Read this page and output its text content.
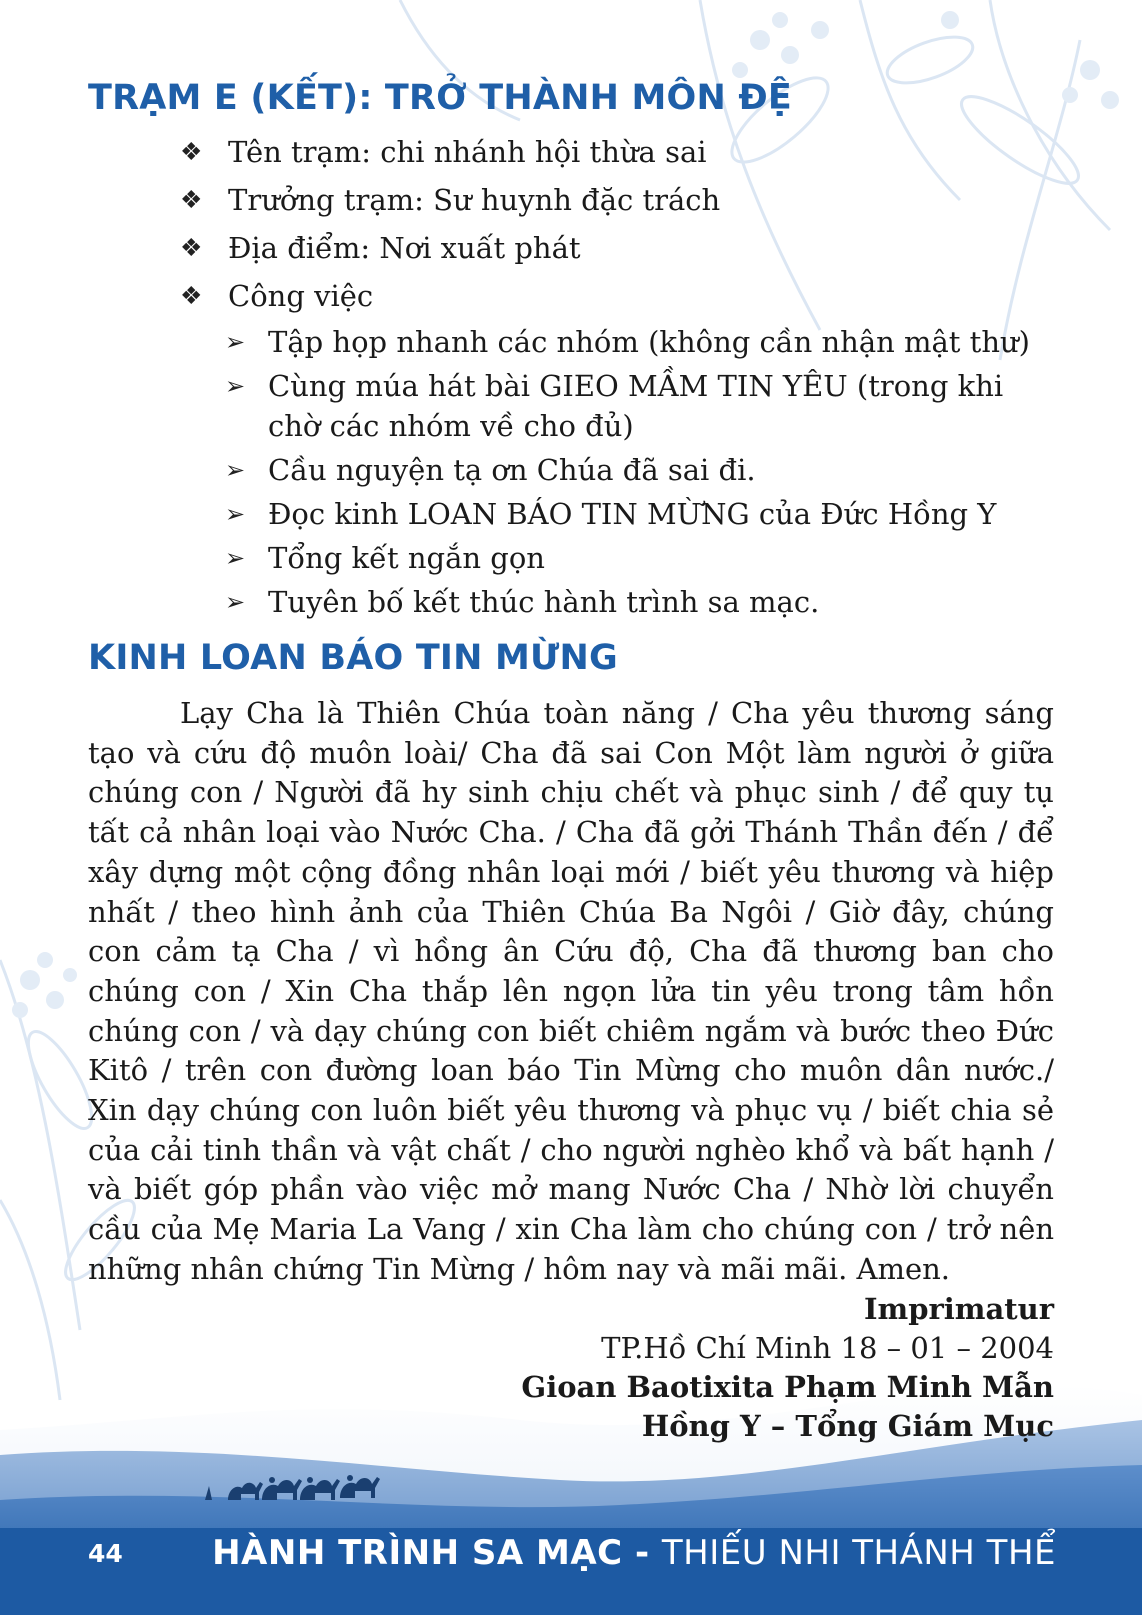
TRẠM E (KẾT): TRỞ THÀNH MÔN ĐỆ
❖ Tên trạm: chi nhánh hội thừa sai
❖ Trưởng trạm: Sư huynh đặc trách
❖ Địa điểm: Nơi xuất phát
❖ Công việc
➢ Tập họp nhanh các nhóm (không cần nhận mật thư)
➢ Cùng múa hát bài GIEO MẦM TIN YÊU (trong khi chờ các nhóm về cho đủ)
➢ Cầu nguyện tạ ơn Chúa đã sai đi.
➢ Đọc kinh LOAN BÁO TIN MỪNG của Đức Hồng Y
➢ Tổng kết ngắn gọn
➢ Tuyên bố kết thúc hành trình sa mạc.
KINH LOAN BÁO TIN MỪNG

Lạy Cha là Thiên Chúa toàn năng / Cha yêu thương sáng tạo và cứu độ muôn loài/ Cha đã sai Con Một làm người ở giữa chúng con / Người đã hy sinh chịu chết và phục sinh / để quy tụ tất cả nhân loại vào Nước Cha. / Cha đã gởi Thánh Thần đến / để xây dựng một cộng đồng nhân loại mới / biết yêu thương và hiệp nhất / theo hình ảnh của Thiên Chúa Ba Ngôi / Giờ đây, chúng con cảm tạ Cha / vì hồng ân Cứu độ, Cha đã thương ban cho chúng con / Xin Cha thắp lên ngọn lửa tin yêu trong tâm hồn chúng con / và dạy chúng con biết chiêm ngắm và bước theo Đức Kitô / trên con đường loan báo Tin Mừng cho muôn dân nước./ Xin dạy chúng con luôn biết yêu thương và phục vụ / biết chia sẻ của cải tinh thần và vật chất / cho người nghèo khổ và bất hạnh / và biết góp phần vào việc mở mang Nước Cha / Nhờ lời chuyển cầu của Mẹ Maria La Vang / xin Cha làm cho chúng con / trở nên những nhân chứng Tin Mừng / hôm nay và mãi mãi. Amen.

Imprimatur
TP.Hồ Chí Minh 18 – 01 – 2004
Gioan Baotixita Phạm Minh Mẫn
Hồng Y – Tổng Giám Mục
44	HÀNH TRÌNH SA MẠC - THIẾU NHI THÁNH THỂ
